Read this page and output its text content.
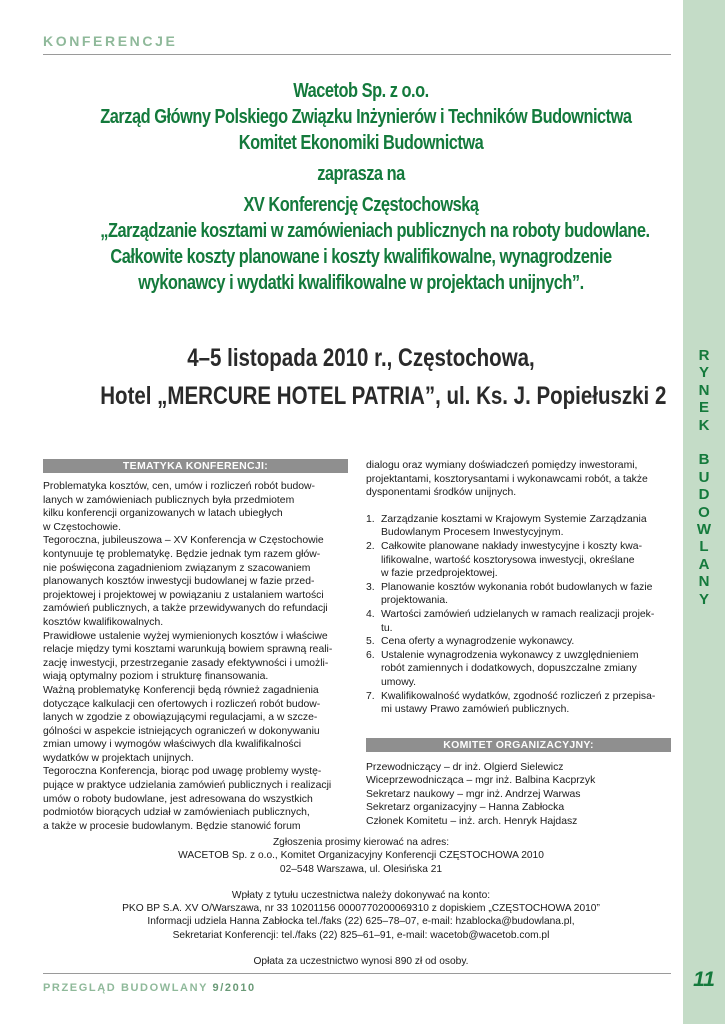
R
Y
N
E
K

B
U
D
O
W
L
A
N
Y
11
KONFERENCJE
Wacetob Sp. z o.o.
Zarząd Główny Polskiego Związku Inżynierów i Techników Budownictwa
Komitet Ekonomiki Budownictwa
zaprasza na
XV Konferencję Częstochowską
„Zarządzanie kosztami w zamówieniach publicznych na roboty budowlane.
Całkowite koszty planowane i koszty kwalifikowalne, wynagrodzenie
wykonawcy i wydatki kwalifikowalne w projektach unijnych”.
4–5 listopada 2010 r., Częstochowa,
Hotel „MERCURE HOTEL PATRIA”, ul. Ks. J. Popiełuszki 2
TEMATYKA KONFERENCJI:
Problematyka kosztów, cen, umów i rozliczeń robót budow-
lanych w zamówieniach publicznych była przedmiotem
kilku konferencji organizowanych w latach ubiegłych
w Częstochowie.
Tegoroczna, jubileuszowa – XV Konferencja w Częstochowie
kontynuuje tę problematykę. Będzie jednak tym razem głów-
nie poświęcona zagadnieniom związanym z szacowaniem
planowanych kosztów inwestycji budowlanej w fazie przed-
projektowej i projektowej w powiązaniu z ustalaniem wartości
zamówień publicznych, a także przewidywanych do refundacji
kosztów kwalifikowalnych.
Prawidłowe ustalenie wyżej wymienionych kosztów i właściwe
relacje między tymi kosztami warunkują bowiem sprawną reali-
zację inwestycji, przestrzeganie zasady efektywności i umożli-
wiają optymalny poziom i strukturę finansowania.
Ważną problematykę Konferencji będą również zagadnienia
dotyczące kalkulacji cen ofertowych i rozliczeń robót budow-
lanych w zgodzie z obowiązującymi regulacjami, a w szcze-
gólności w aspekcie istniejących ograniczeń w dokonywaniu
zmian umowy i wymogów właściwych dla kwalifikalności
wydatków w projektach unijnych.
Tegoroczna Konferencja, biorąc pod uwagę problemy wystę-
pujące w praktyce udzielania zamówień publicznych i realizacji
umów o roboty budowlane, jest adresowana do wszystkich
podmiotów biorących udział w zamówieniach publicznych,
a także w procesie budowlanym. Będzie stanowić forum
dialogu oraz wymiany doświadczeń pomiędzy inwestorami,
projektantami, kosztorysantami i wykonawcami robót, a także
dysponentami środków unijnych.
1. Zarządzanie kosztami w Krajowym Systemie Zarządzania
Budowlanym Procesem Inwestycyjnym.
2. Całkowite planowane nakłady inwestycyjne i koszty kwa-
lifikowalne, wartość kosztorysowa inwestycji, określane
w fazie przedprojektowej.
3. Planowanie kosztów wykonania robót budowlanych w fazie
projektowania.
4. Wartości zamówień udzielanych w ramach realizacji projek-
tu.
5. Cena oferty a wynagrodzenie wykonawcy.
6. Ustalenie wynagrodzenia wykonawcy z uwzględnieniem
robót zamiennych i dodatkowych, dopuszczalne zmiany
umowy.
7. Kwalifikowalność wydatków, zgodność rozliczeń z przepisa-
mi ustawy Prawo zamówień publicznych.
KOMITET ORGANIZACYJNY:
Przewodniczący – dr inż. Olgierd Sielewicz
Wiceprzewodnicząca – mgr inż. Balbina Kacprzyk
Sekretarz naukowy – mgr inż. Andrzej Warwas
Sekretarz organizacyjny – Hanna Zabłocka
Członek Komitetu – inż. arch. Henryk Hajdasz
Zgłoszenia prosimy kierować na adres:
WACETOB Sp. z o.o., Komitet Organizacyjny Konferencji CZĘSTOCHOWA 2010
02–548 Warszawa, ul. Olesińska 21
Wpłaty z tytułu uczestnictwa należy dokonywać na konto:
PKO BP S.A. XV O/Warszawa, nr 33 10201156 0000770200069310 z dopiskiem „CZĘSTOCHOWA 2010”
Informacji udziela Hanna Zabłocka tel./faks (22) 625–78–07, e-mail: hzablocka@budowlana.pl,
Sekretariat Konferencji: tel./faks (22) 825–61–91, e-mail: wacetob@wacetob.com.pl
Opłata za uczestnictwo wynosi 890 zł od osoby.
PRZEGLĄD BUDOWLANY 9/2010
